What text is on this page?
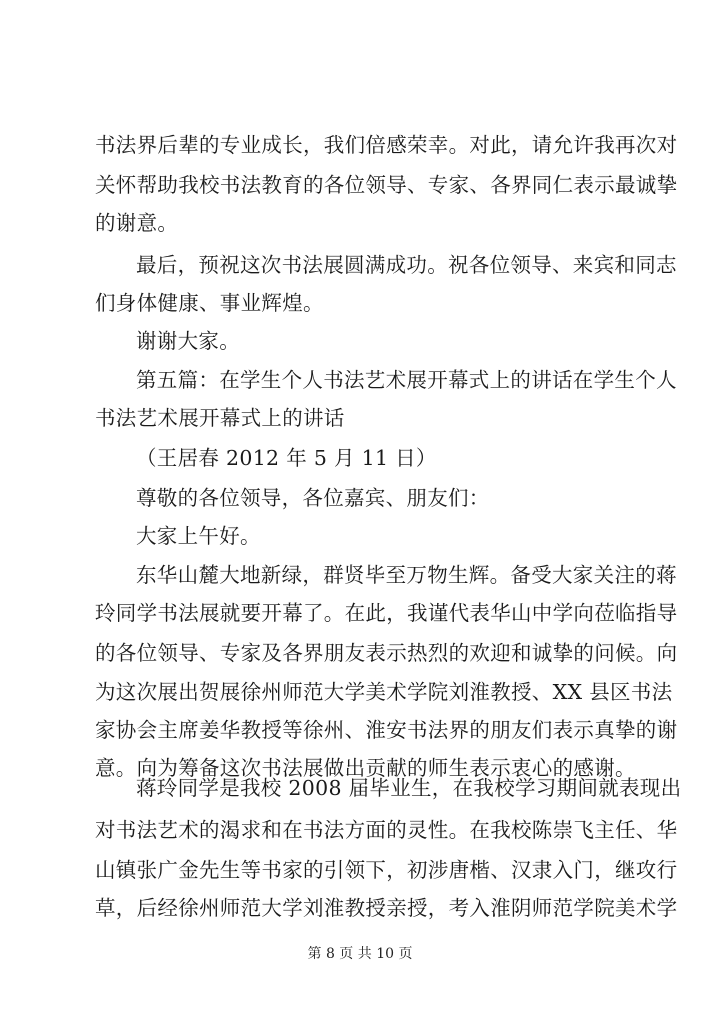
书法界后辈的专业成长，我们倍感荣幸。对此，请允许我再次对
关怀帮助我校书法教育的各位领导、专家、各界同仁表示最诚挚
的谢意。
最后，预祝这次书法展圆满成功。祝各位领导、来宾和同志
们身体健康、事业辉煌。
谢谢大家。
第五篇：在学生个人书法艺术展开幕式上的讲话在学生个人
书法艺术展开幕式上的讲话
（王居春 2012 年 5 月 11 日）
尊敬的各位领导，各位嘉宾、朋友们：
大家上午好。
东华山麓大地新绿，群贤毕至万物生辉。备受大家关注的蒋
玲同学书法展就要开幕了。在此，我谨代表华山中学向莅临指导
的各位领导、专家及各界朋友表示热烈的欢迎和诚挚的问候。向
为这次展出贺展徐州师范大学美术学院刘淮教授、XX 县区书法
家协会主席姜华教授等徐州、淮安书法界的朋友们表示真挚的谢
意。向为筹备这次书法展做出贡献的师生表示衷心的感谢。
蒋玲同学是我校 2008 届毕业生，在我校学习期间就表现出
对书法艺术的渴求和在书法方面的灵性。在我校陈崇飞主任、华
山镇张广金先生等书家的引领下，初涉唐楷、汉隶入门，继攻行
草，后经徐州师范大学刘淮教授亲授，考入淮阴师范学院美术学
第 8 页 共 10 页
